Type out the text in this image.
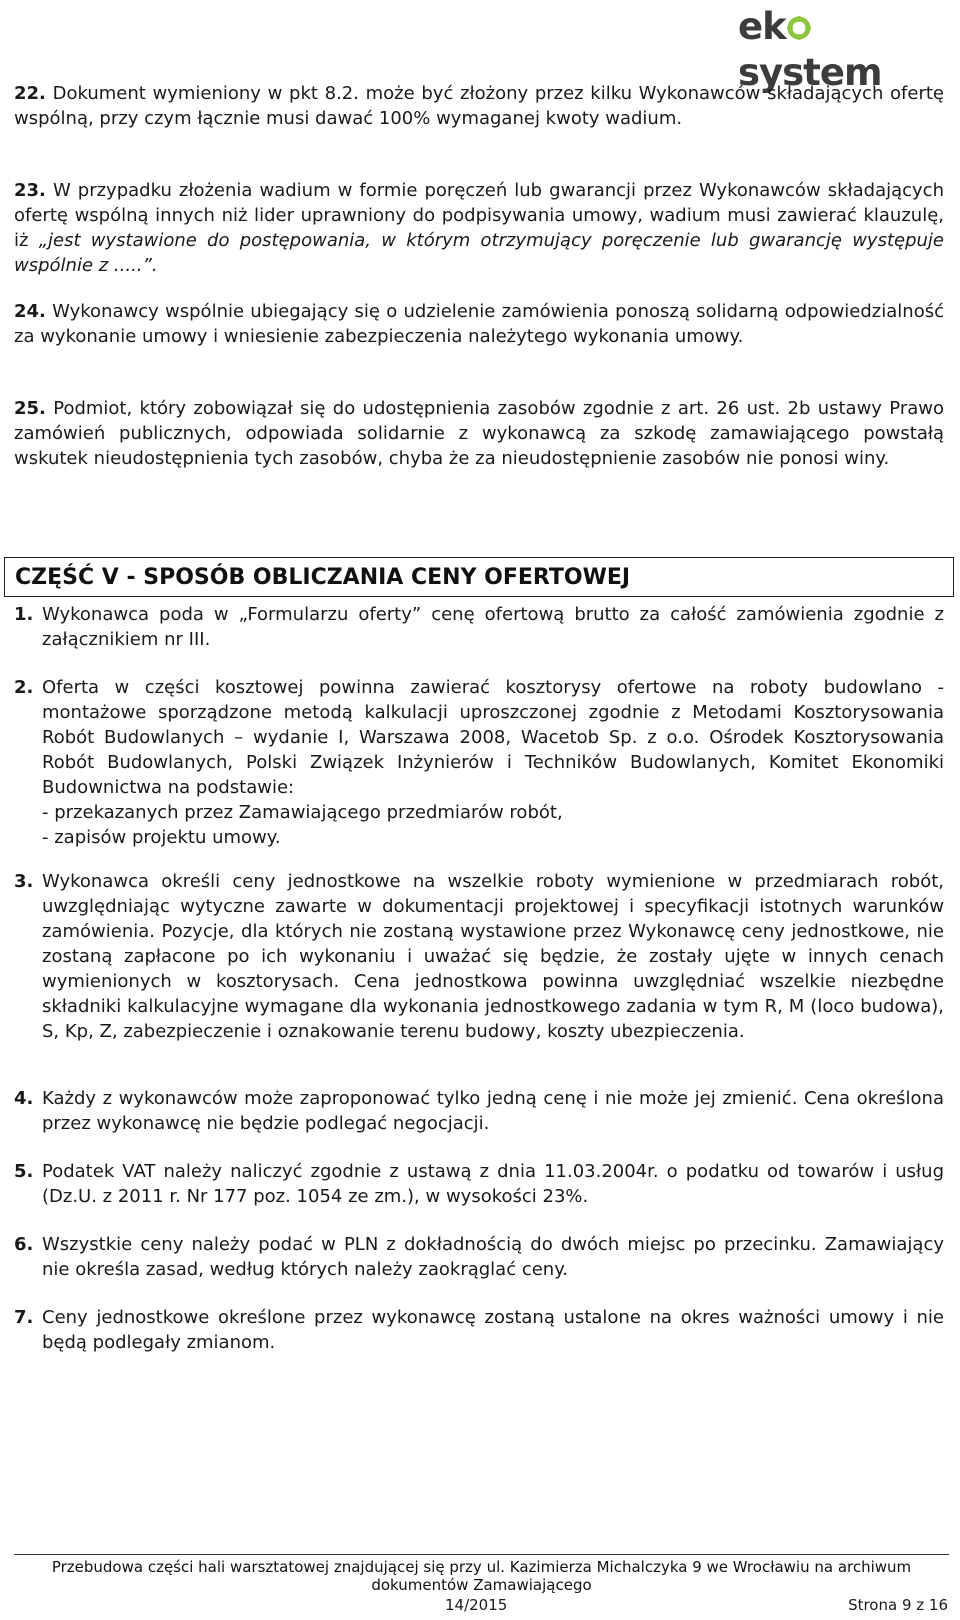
eksystem
22. Dokument wymieniony w pkt 8.2. może być złożony przez kilku Wykonawców składających ofertę wspólną, przy czym łącznie musi dawać 100% wymaganej kwoty wadium.
23. W przypadku złożenia wadium w formie poręczeń lub gwarancji przez Wykonawców składających ofertę wspólną innych niż lider uprawniony do podpisywania umowy, wadium musi zawierać klauzulę, iż „jest wystawione do postępowania, w którym otrzymujący poręczenie lub gwarancję występuje wspólnie z .....”.
24. Wykonawcy wspólnie ubiegający się o udzielenie zamówienia ponoszą solidarną odpowiedzialność za wykonanie umowy i wniesienie zabezpieczenia należytego wykonania umowy.
25. Podmiot, który zobowiązał się do udostępnienia zasobów zgodnie z art. 26 ust. 2b ustawy Prawo zamówień publicznych, odpowiada solidarnie z wykonawcą za szkodę zamawiającego powstałą wskutek nieudostępnienia tych zasobów, chyba że za nieudostępnienie zasobów nie ponosi winy.
CZĘŚĆ V - SPOSÓB OBLICZANIA CENY OFERTOWEJ
1. Wykonawca poda w „Formularzu oferty” cenę ofertową brutto za całość zamówienia zgodnie z załącznikiem nr III.
2. Oferta w części kosztowej powinna zawierać kosztorysy ofertowe na roboty budowlano - montażowe sporządzone metodą kalkulacji uproszczonej zgodnie z Metodami Kosztorysowania Robót Budowlanych – wydanie I, Warszawa 2008, Wacetob Sp. z o.o. Ośrodek Kosztorysowania Robót Budowlanych, Polski Związek Inżynierów i Techników Budowlanych, Komitet Ekonomiki Budownictwa na podstawie:
- przekazanych przez Zamawiającego przedmiarów robót,
- zapisów projektu umowy.
3. Wykonawca określi ceny jednostkowe na wszelkie roboty wymienione w przedmiarach robót, uwzględniając wytyczne zawarte w dokumentacji projektowej i specyfikacji istotnych warunków zamówienia. Pozycje, dla których nie zostaną wystawione przez Wykonawcę ceny jednostkowe, nie zostaną zapłacone po ich wykonaniu i uważać się będzie, że zostały ujęte w innych cenach wymienionych w kosztorysach. Cena jednostkowa powinna uwzględniać wszelkie niezbędne składniki kalkulacyjne wymagane dla wykonania jednostkowego zadania w tym R, M (loco budowa), S, Kp, Z, zabezpieczenie i oznakowanie terenu budowy, koszty ubezpieczenia.
4. Każdy z wykonawców może zaproponować tylko jedną cenę i nie może jej zmienić. Cena określona przez wykonawcę nie będzie podlegać negocjacji.
5. Podatek VAT należy naliczyć zgodnie z ustawą z dnia 11.03.2004r. o podatku od towarów i usług (Dz.U. z 2011 r. Nr 177 poz. 1054 ze zm.), w wysokości 23%.
6. Wszystkie ceny należy podać w PLN z dokładnością do dwóch miejsc po przecinku. Zamawiający nie określa zasad, według których należy zaokrąglać ceny.
7. Ceny jednostkowe określone przez wykonawcę zostaną ustalone na okres ważności umowy i nie będą podlegały zmianom.
Przebudowa części hali warsztatowej znajdującej się przy ul. Kazimierza Michalczyka 9 we Wrocławiu na archiwum
dokumentów Zamawiającego
14/2015	Strona 9 z 16
